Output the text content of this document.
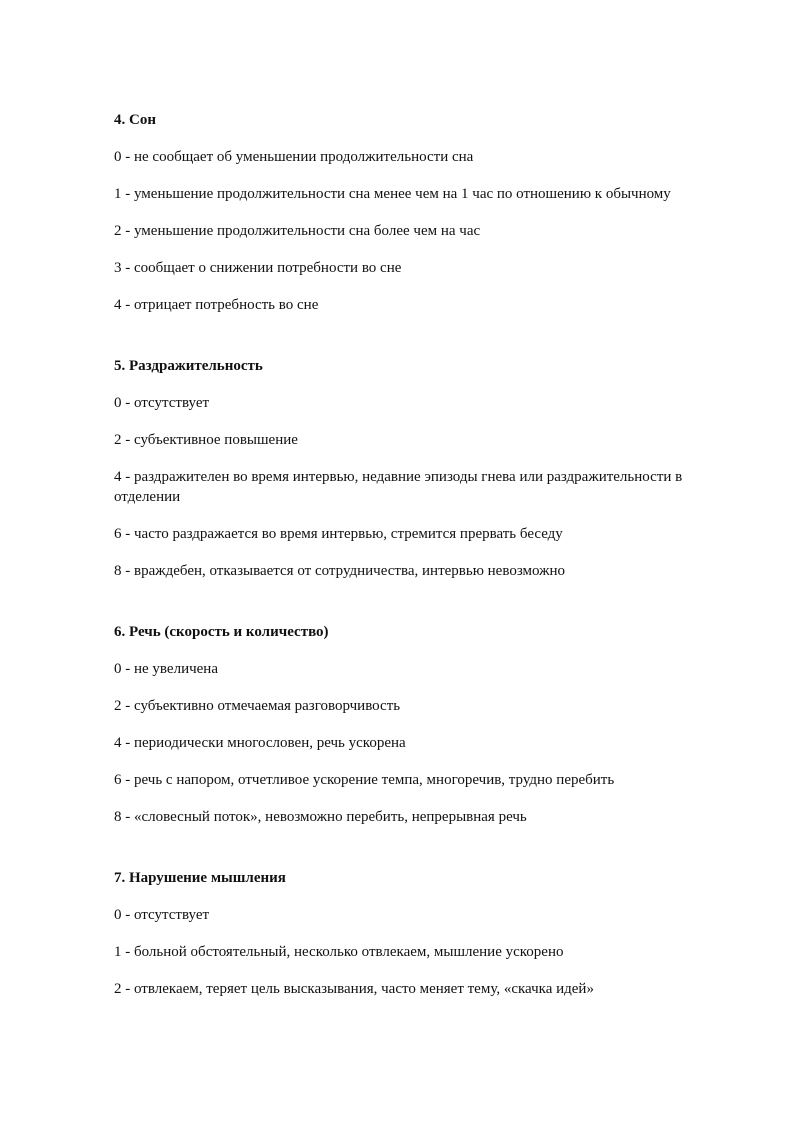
4. Сон
0 - не сообщает об уменьшении продолжительности сна
1 - уменьшение продолжительности сна менее чем на 1 час по отношению к обычному
2 - уменьшение продолжительности сна более чем на час
3 - сообщает о снижении потребности во сне
4 - отрицает потребность во сне
5. Раздражительность
0 - отсутствует
2 - субъективное повышение
4 - раздражителен во время интервью, недавние эпизоды гнева или раздражительности в отделении
6 - часто раздражается во время интервью, стремится прервать беседу
8 - враждебен, отказывается от сотрудничества, интервью невозможно
6. Речь (скорость и количество)
0 - не увеличена
2 - субъективно отмечаемая разговорчивость
4 - периодически многословен, речь ускорена
6 - речь с напором, отчетливое ускорение темпа, многоречив, трудно перебить
8 - «словесный поток», невозможно перебить, непрерывная речь
7. Нарушение мышления
0 - отсутствует
1 - больной обстоятельный, несколько отвлекаем, мышление ускорено
2 - отвлекаем, теряет цель высказывания, часто меняет тему, «скачка идей»
